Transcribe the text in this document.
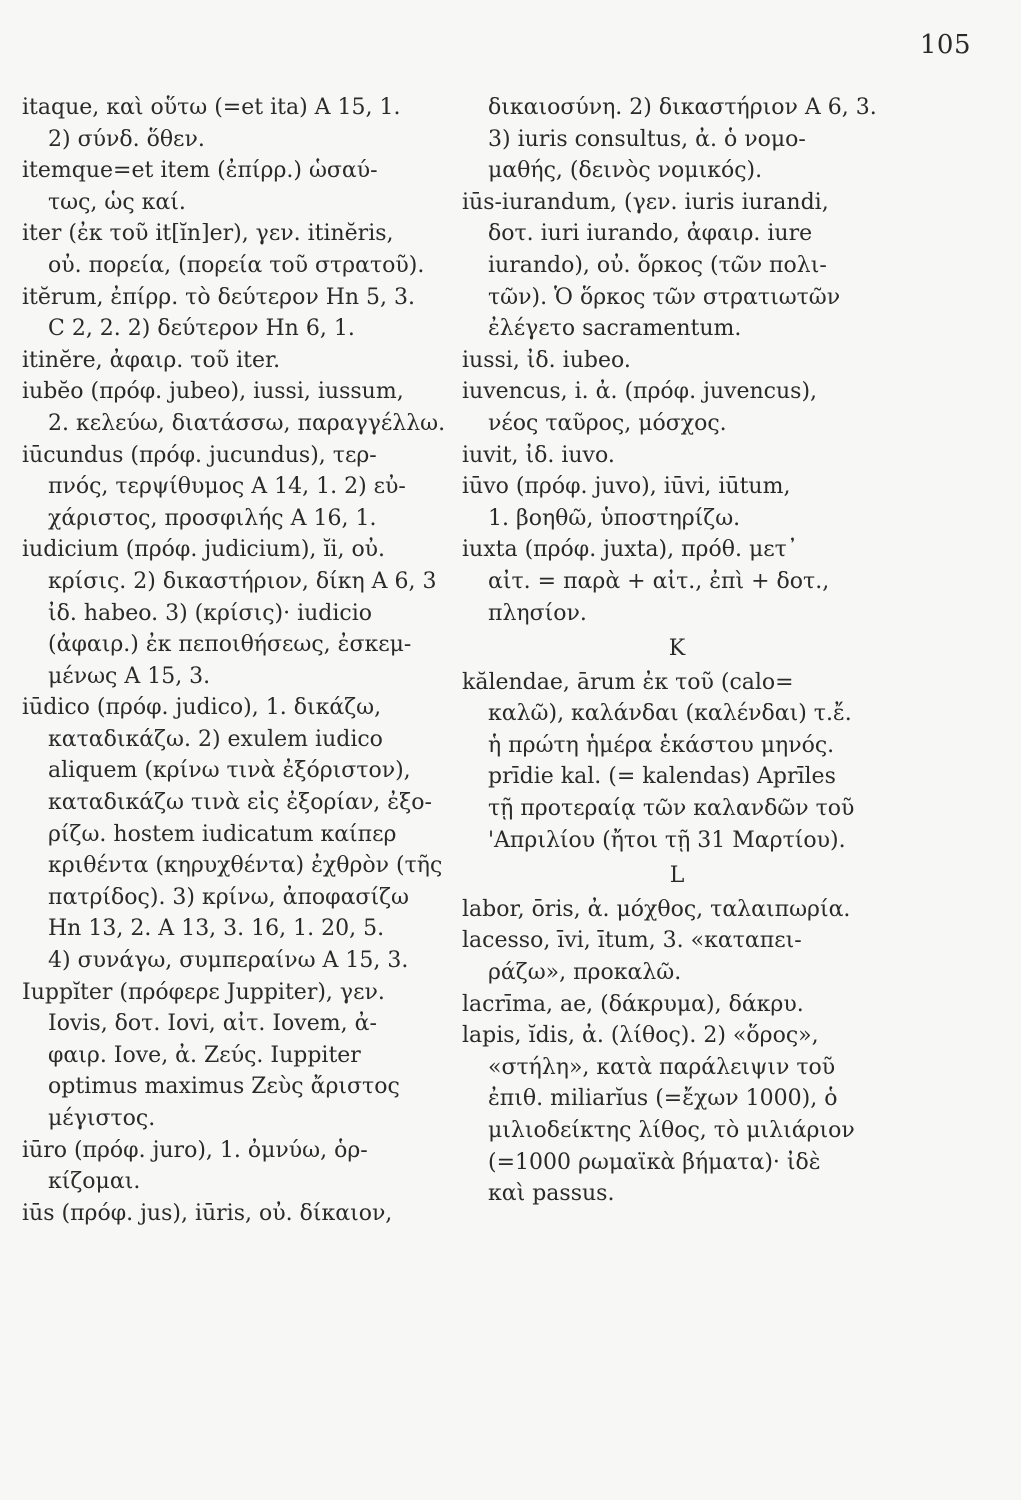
105
itaque, καὶ οὕτω (=et ita) A 15, 1.
2) σύνδ. ὅθεν.
itemque=et item (ἐπίρρ.) ὡσαύ-
τως, ὡς καί.
iter (ἐκ τοῦ it[ĭn]er), γεν. itinĕris,
οὐ. πορεία, (πορεία τοῦ στρατοῦ).
itĕrum, ἐπίρρ. τὸ δεύτερον Hn 5, 3.
C 2, 2. 2) δεύτερον Hn 6, 1.
itinĕre, ἀφαιρ. τοῦ iter.
iubĕo (πρόφ. jubeo), iussi, iussum,
2. κελεύω, διατάσσω, παραγγέλλω.
iūcundus (πρόφ. jucundus), τερ-
πνός, τερψίθυμος A 14, 1. 2) εὐ-
χάριστος, προσφιλής A 16, 1.
iudicium (πρόφ. judicium), ĭi, οὐ.
κρίσις. 2) δικαστήριον, δίκη A 6, 3
ἰδ. habeo. 3) (κρίσις)· iudicio
(ἀφαιρ.) ἐκ πεποιθήσεως, ἐσκεμ-
μένως A 15, 3.
iūdico (πρόφ. judico), 1. δικάζω,
καταδικάζω. 2) exulem iudico
aliquem (κρίνω τινὰ ἐξόριστον),
καταδικάζω τινὰ εἰς ἐξορίαν, ἐξο-
ρίζω. hostem iudicatum καίπερ
κριθέντα (κηρυχθέντα) ἐχθρὸν (τῆς
πατρίδος). 3) κρίνω, ἀποφασίζω
Hn 13, 2. A 13, 3. 16, 1. 20, 5.
4) συνάγω, συμπεραίνω A 15, 3.
Iuppĭter (πρόφερε Juppiter), γεν.
Iovis, δοτ. Iovi, αἰτ. Iovem, ἀ-
φαιρ. Iove, ἀ. Ζεύς. Iuppiter
optimus maximus Ζεὺς ἄριστος
μέγιστος.
iūro (πρόφ. juro), 1. ὀμνύω, ὁρ-
κίζομαι.
iūs (πρόφ. jus), iūris, οὐ. δίκαιον,
δικαιοσύνη. 2) δικαστήριον A 6, 3.
3) iuris consultus, ἀ. ὁ νομο-
μαθής, (δεινὸς νομικός).
iūs-iurandum, (γεν. iuris iurandi,
δοτ. iuri iurando, ἀφαιρ. iure
iurando), οὐ. ὅρκος (τῶν πολι-
τῶν). Ὁ ὅρκος τῶν στρατιωτῶν
ἐλέγετο sacramentum.
iussi, ἰδ. iubeo.
iuvencus, i. ἀ. (πρόφ. juvencus),
νέος ταῦρος, μόσχος.
iuvit, ἰδ. iuvo.
iūvo (πρόφ. juvo), iūvi, iūtum,
1. βοηθῶ, ὑποστηρίζω.
iuxta (πρόφ. juxta), πρόθ. μετ᾽
αἰτ. = παρὰ + αἰτ., ἐπὶ + δοτ.,
πλησίον.
K
kălendae, ārum ἐκ τοῦ (calo=
καλῶ), καλάνδαι (καλένδαι) τ.ἔ.
ἡ πρώτη ἡμέρα ἑκάστου μηνός.
prīdie kal. (= kalendas) Aprīles
τῇ προτεραίᾳ τῶν καλανδῶν τοῦ
'Απριλίου (ἤτοι τῇ 31 Μαρτίου).
L
labor, ōris, ἀ. μόχθος, ταλαιπωρία.
lacesso, īvi, ītum, 3. «καταπει-
ράζω», προκαλῶ.
lacrīma, ae, (δάκρυμα), δάκρυ.
lapis, ĭdis, ἀ. (λίθος). 2) «ὅρος»,
«στήλη», κατὰ παράλειψιν τοῦ
ἐπιθ. miliarĭus (=ἔχων 1000), ὁ
μιλιοδείκτης λίθος, τὸ μιλιάριον
(=1000 ρωμαϊκὰ βήματα)· ἰδὲ
καὶ passus.
